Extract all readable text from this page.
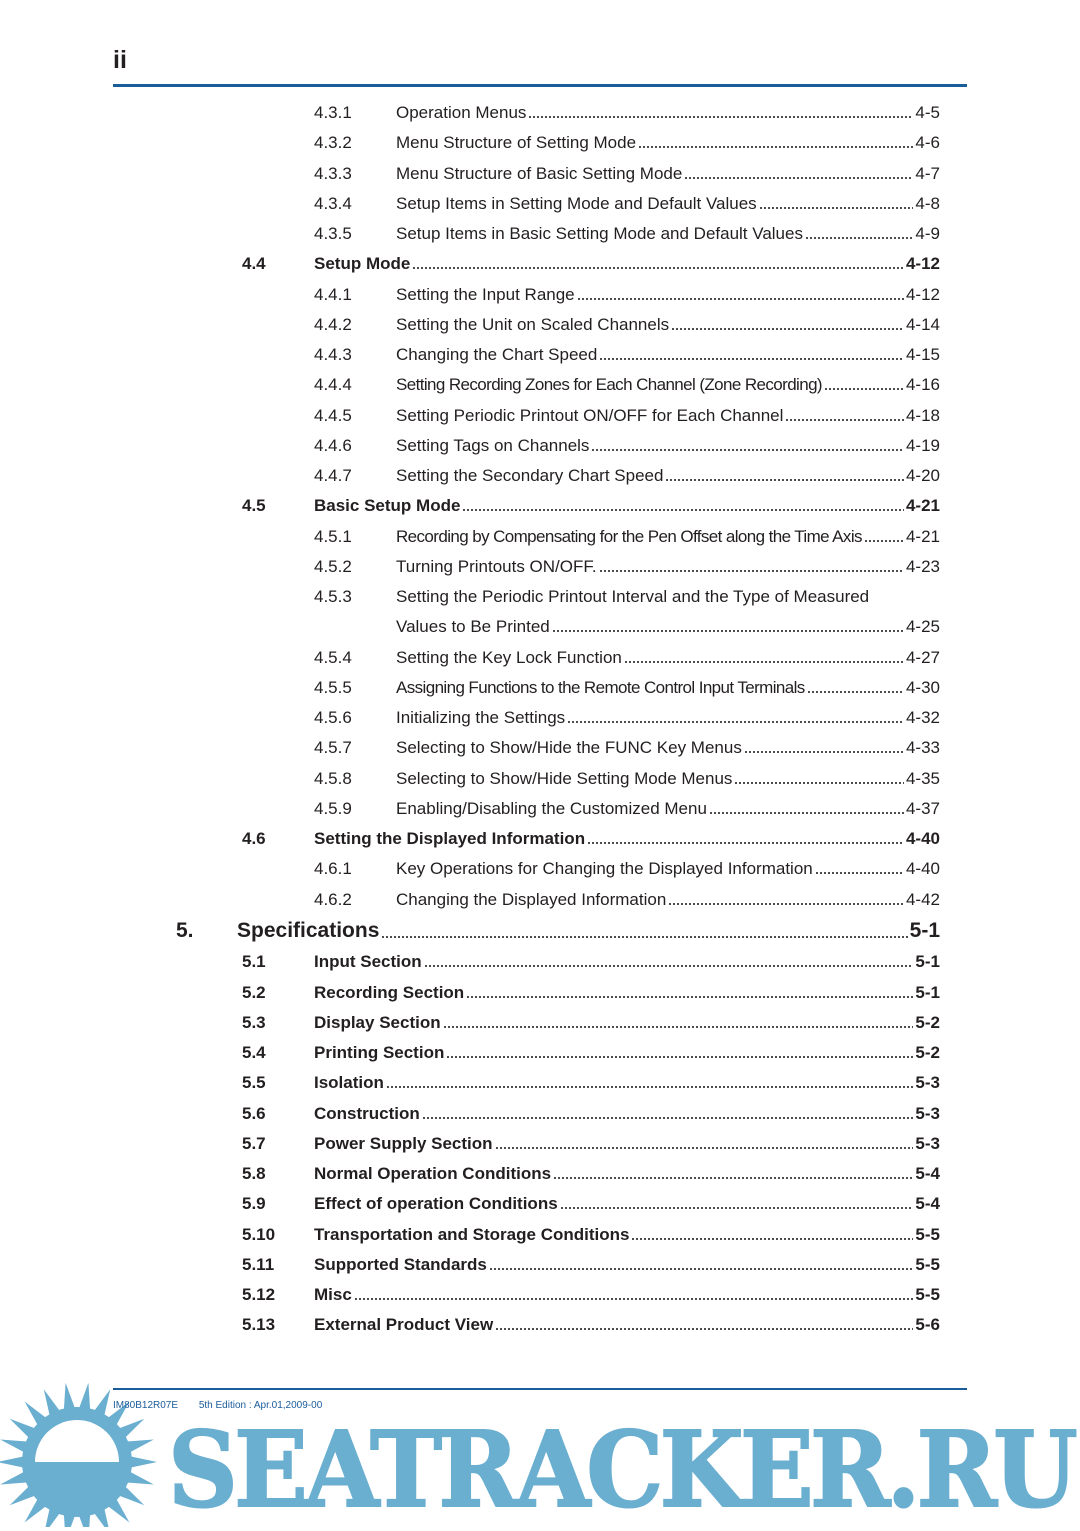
ii
4.3.1	Operation Menus	4-5
4.3.2	Menu Structure of Setting Mode	4-6
4.3.3	Menu Structure of Basic Setting Mode	4-7
4.3.4	Setup Items in Setting Mode and Default Values	4-8
4.3.5	Setup Items in Basic Setting Mode and Default Values	4-9
4.4	Setup Mode	4-12
4.4.1	Setting the Input Range	4-12
4.4.2	Setting the Unit on Scaled Channels	4-14
4.4.3	Changing the Chart Speed	4-15
4.4.4	Setting Recording Zones for Each Channel (Zone Recording)	4-16
4.4.5	Setting Periodic Printout ON/OFF for Each Channel	4-18
4.4.6	Setting Tags on Channels	4-19
4.4.7	Setting the Secondary Chart Speed	4-20
4.5	Basic Setup Mode	4-21
4.5.1	Recording by Compensating for the Pen Offset along the Time Axis	4-21
4.5.2	Turning Printouts ON/OFF.	4-23
4.5.3	Setting the Periodic Printout Interval and the Type of Measured
Values to Be Printed	4-25
4.5.4	Setting the Key Lock Function	4-27
4.5.5	Assigning Functions to the Remote Control Input Terminals	4-30
4.5.6	Initializing the Settings	4-32
4.5.7	Selecting to Show/Hide the FUNC Key Menus	4-33
4.5.8	Selecting to Show/Hide Setting Mode Menus	4-35
4.5.9	Enabling/Disabling the Customized Menu	4-37
4.6	Setting the Displayed Information	4-40
4.6.1	Key Operations for Changing the Displayed Information	4-40
4.6.2	Changing the Displayed Information	4-42
5. Specifications	5-1
5.1	Input Section	5-1
5.2	Recording Section	5-1
5.3	Display Section	5-2
5.4	Printing Section	5-2
5.5	Isolation	5-3
5.6	Construction	5-3
5.7	Power Supply Section	5-3
5.8	Normal Operation Conditions	5-4
5.9	Effect of operation Conditions	5-4
5.10 Transportation and Storage Conditions	5-5
5.11 Supported Standards	5-5
5.12 Misc	5-5
5.13 External Product View	5-6
SEATRACKER.RU
IM80B12R07E 5th Edition : Apr.01,2009-00
